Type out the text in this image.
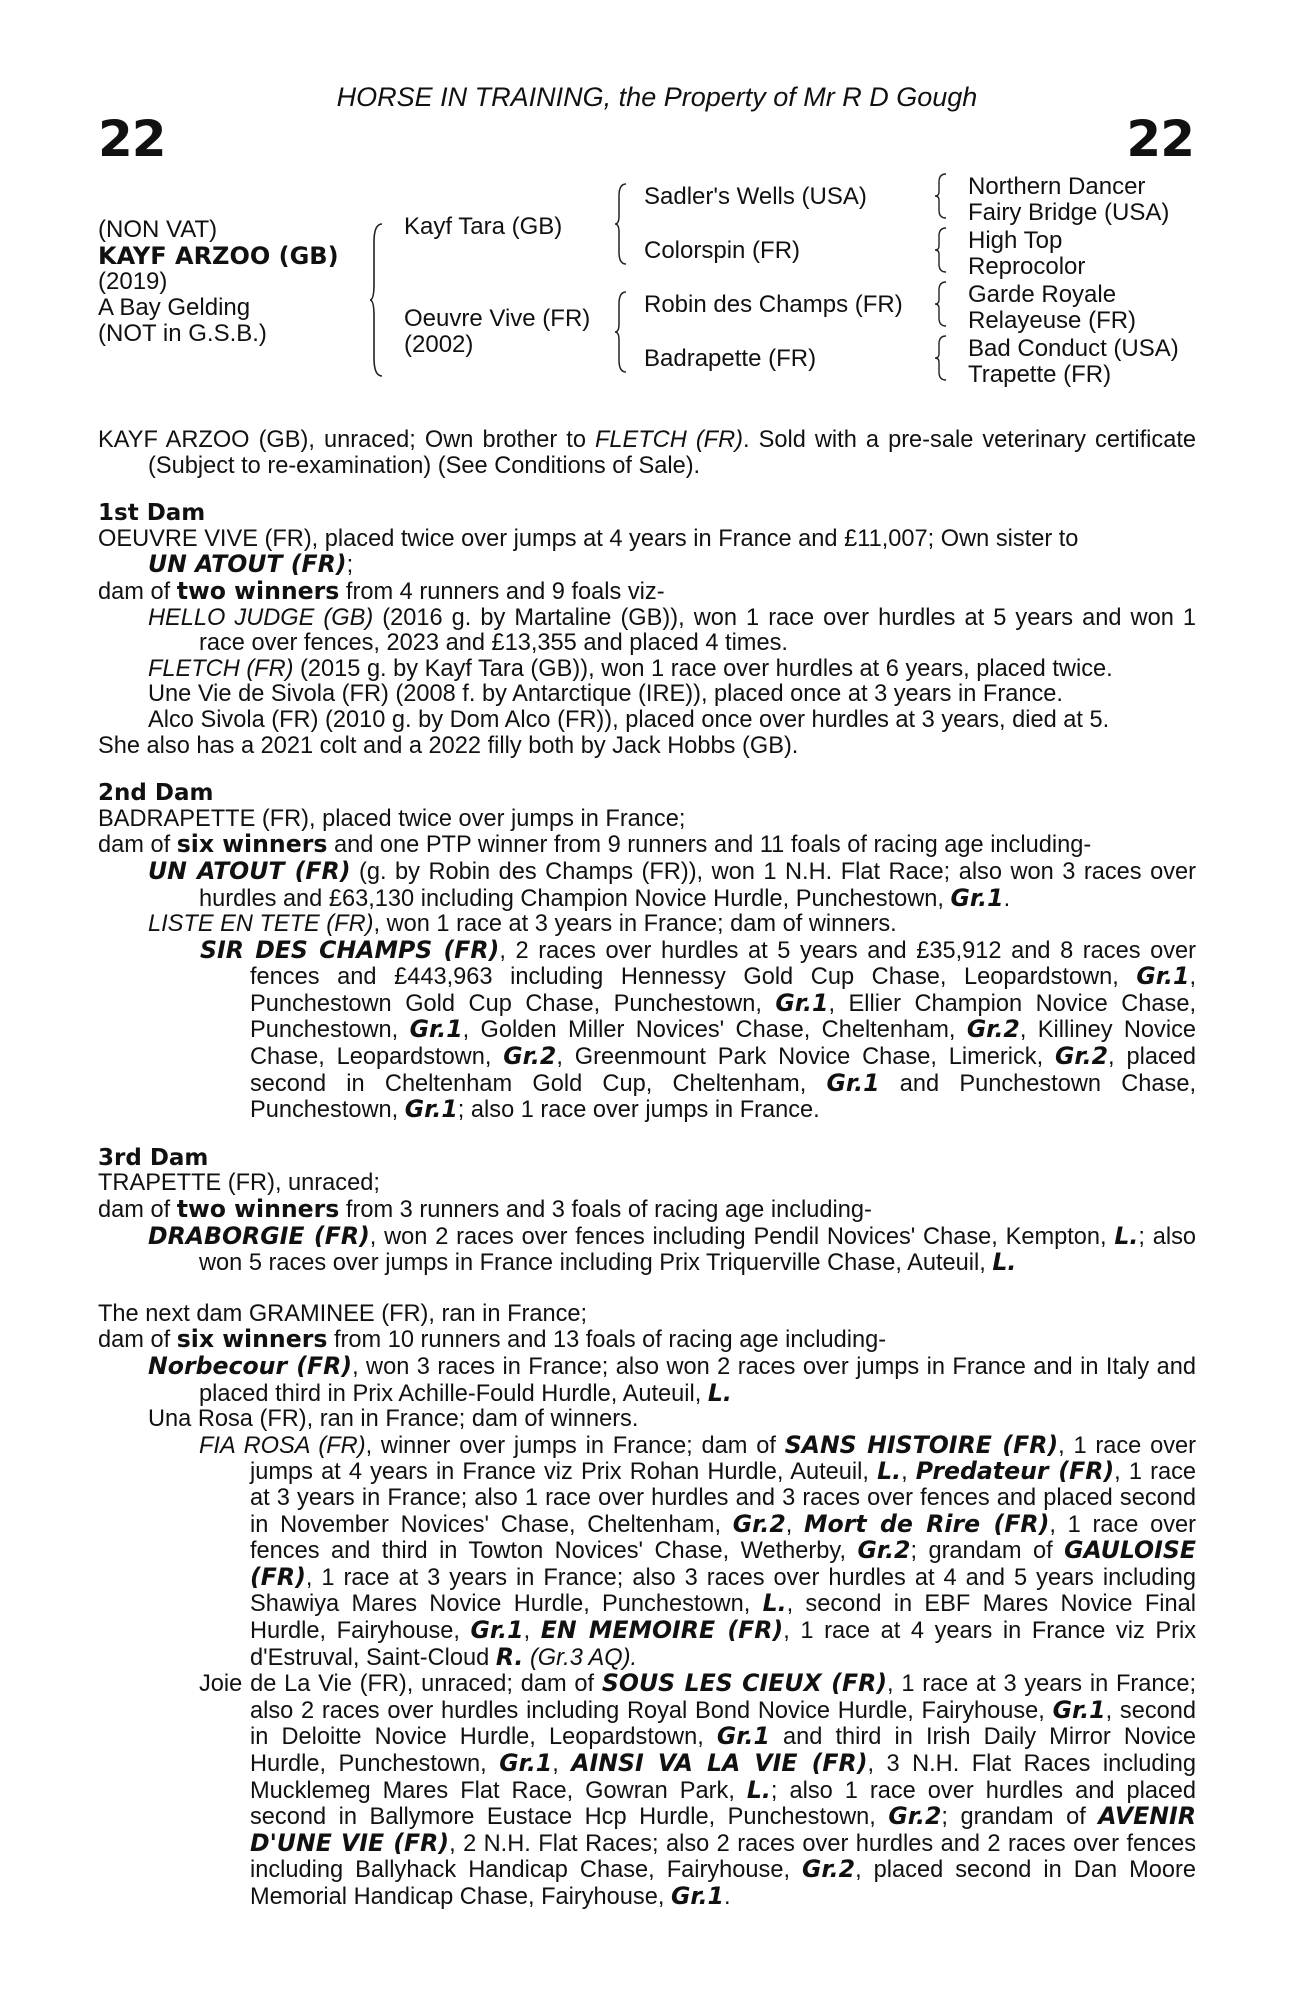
HORSE IN TRAINING, the Property of Mr R D Gough
22	22
(NON VAT)
KAYF ARZOO (GB)
(2019)
A Bay Gelding
(NOT in G.S.B.)
Kayf Tara (GB)
Oeuvre Vive (FR)
(2002)
Sadler's Wells (USA)
Colorspin (FR)
Robin des Champs (FR)
Badrapette (FR)
Northern Dancer
Fairy Bridge (USA)
High Top
Reprocolor
Garde Royale
Relayeuse (FR)
Bad Conduct (USA)
Trapette (FR)

KAYF ARZOO (GB), unraced; Own brother to FLETCH (FR). Sold with a pre-sale veterinary certificate (Subject to re-examination) (See Conditions of Sale).

1st Dam

OEUVRE VIVE (FR), placed twice over jumps at 4 years in France and £11,007; Own sister to
UN ATOUT (FR);

dam of two winners from 4 runners and 9 foals viz-

HELLO JUDGE (GB) (2016 g. by Martaline (GB)), won 1 race over hurdles at 5 years and won 1 race over fences, 2023 and £13,355 and placed 4 times.

FLETCH (FR) (2015 g. by Kayf Tara (GB)), won 1 race over hurdles at 6 years, placed twice.

Une Vie de Sivola (FR) (2008 f. by Antarctique (IRE)), placed once at 3 years in France.

Alco Sivola (FR) (2010 g. by Dom Alco (FR)), placed once over hurdles at 3 years, died at 5.

She also has a 2021 colt and a 2022 filly both by Jack Hobbs (GB).

2nd Dam

BADRAPETTE (FR), placed twice over jumps in France;

dam of six winners and one PTP winner from 9 runners and 11 foals of racing age including-

UN ATOUT (FR) (g. by Robin des Champs (FR)), won 1 N.H. Flat Race; also won 3 races over hurdles and £63,130 including Champion Novice Hurdle, Punchestown, Gr.1.

LISTE EN TETE (FR), won 1 race at 3 years in France; dam of winners.

SIR DES CHAMPS (FR), 2 races over hurdles at 5 years and £35,912 and 8 races over fences and £443,963 including Hennessy Gold Cup Chase, Leopardstown, Gr.1, Punchestown Gold Cup Chase, Punchestown, Gr.1, Ellier Champion Novice Chase, Punchestown, Gr.1, Golden Miller Novices' Chase, Cheltenham, Gr.2, Killiney Novice Chase, Leopardstown, Gr.2, Greenmount Park Novice Chase, Limerick, Gr.2, placed second in Cheltenham Gold Cup, Cheltenham, Gr.1 and Punchestown Chase, Punchestown, Gr.1; also 1 race over jumps in France.

3rd Dam

TRAPETTE (FR), unraced;

dam of two winners from 3 runners and 3 foals of racing age including-

DRABORGIE (FR), won 2 races over fences including Pendil Novices' Chase, Kempton, L.; also won 5 races over jumps in France including Prix Triquerville Chase, Auteuil, L.

The next dam GRAMINEE (FR), ran in France;

dam of six winners from 10 runners and 13 foals of racing age including-

Norbecour (FR), won 3 races in France; also won 2 races over jumps in France and in Italy and placed third in Prix Achille-Fould Hurdle, Auteuil, L.

Una Rosa (FR), ran in France; dam of winners.

FIA ROSA (FR), winner over jumps in France; dam of SANS HISTOIRE (FR), 1 race over jumps at 4 years in France viz Prix Rohan Hurdle, Auteuil, L., Predateur (FR), 1 race at 3 years in France; also 1 race over hurdles and 3 races over fences and placed second in November Novices' Chase, Cheltenham, Gr.2, Mort de Rire (FR), 1 race over fences and third in Towton Novices' Chase, Wetherby, Gr.2; grandam of GAULOISE (FR), 1 race at 3 years in France; also 3 races over hurdles at 4 and 5 years including Shawiya Mares Novice Hurdle, Punchestown, L., second in EBF Mares Novice Final Hurdle, Fairyhouse, Gr.1, EN MEMOIRE (FR), 1 race at 4 years in France viz Prix d'Estruval, Saint-Cloud R. (Gr.3 AQ).

Joie de La Vie (FR), unraced; dam of SOUS LES CIEUX (FR), 1 race at 3 years in France; also 2 races over hurdles including Royal Bond Novice Hurdle, Fairyhouse, Gr.1, second in Deloitte Novice Hurdle, Leopardstown, Gr.1 and third in Irish Daily Mirror Novice Hurdle, Punchestown, Gr.1, AINSI VA LA VIE (FR), 3 N.H. Flat Races including Mucklemeg Mares Flat Race, Gowran Park, L.; also 1 race over hurdles and placed second in Ballymore Eustace Hcp Hurdle, Punchestown, Gr.2; grandam of AVENIR D'UNE VIE (FR), 2 N.H. Flat Races; also 2 races over hurdles and 2 races over fences including Ballyhack Handicap Chase, Fairyhouse, Gr.2, placed second in Dan Moore Memorial Handicap Chase, Fairyhouse, Gr.1.
